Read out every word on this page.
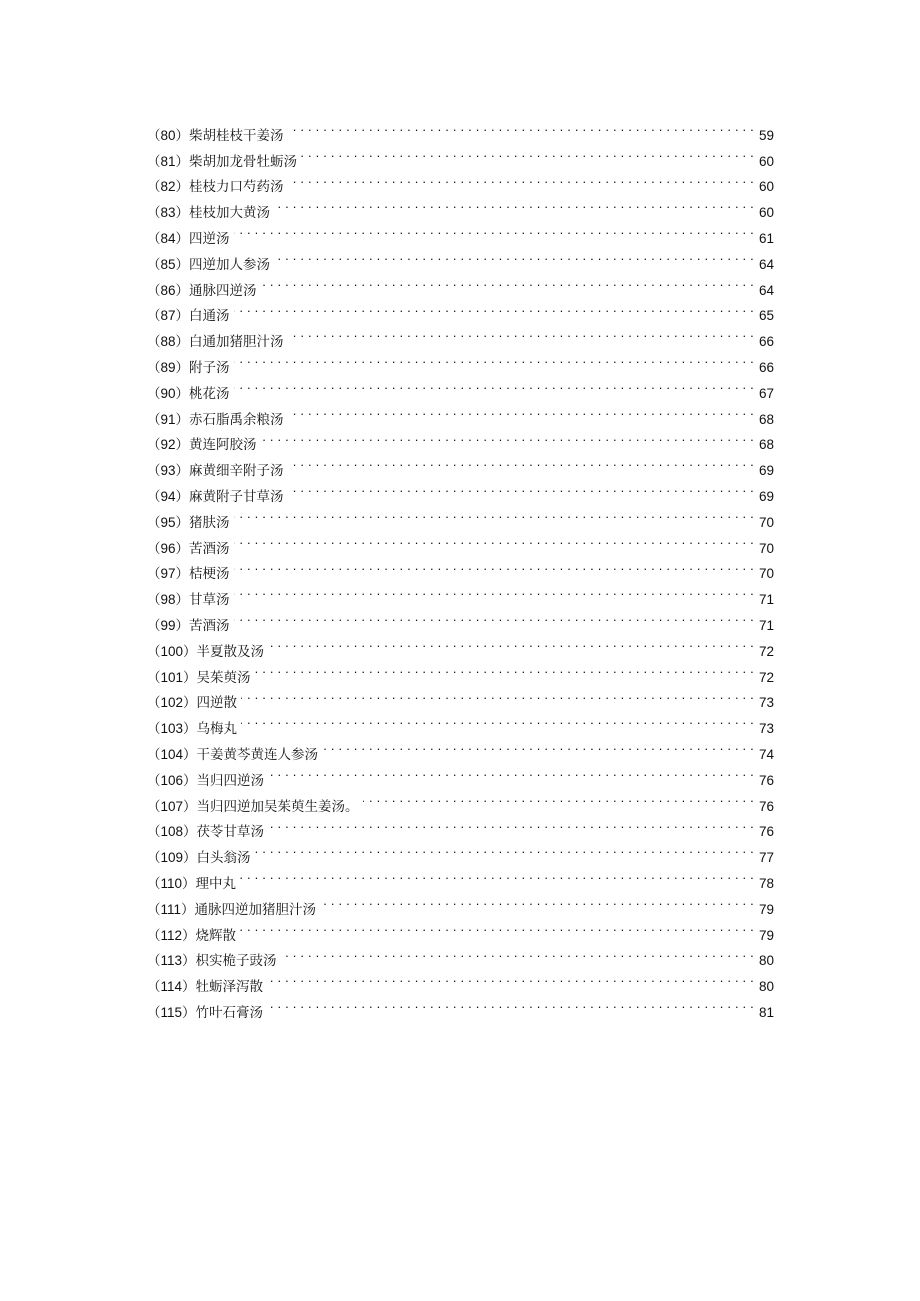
（80） 柴胡桂枝干姜汤 . . .	59
（81） 柴胡加龙骨牡蛎汤 . . .	60
（82） 桂枝力口芍药汤 . . .	60
（83） 桂枝加大黄汤 . . .	60
（84） 四逆汤 . . .	61
（85） 四逆加人参汤 . . .	64
（86） 通脉四逆汤 . . .	64
（87） 白通汤 . . .	65
（88） 白通加猪胆汁汤 . . .	66
（89） 附子汤 . . .	66
（90） 桃花汤 . . .	67
（91） 赤石脂禹余粮汤 . . .	68
（92） 黄连阿胶汤 . . .	68
（93） 麻黄细辛附子汤 . . .	69
（94） 麻黄附子甘草汤 . . .	69
（95） 猪肤汤 . . .	70
（96） 苦酒汤 . . .	70
（97） 桔梗汤 . . .	70
（98） 甘草汤 . . .	71
（99） 苦酒汤 . . .	71
（100） 半夏散及汤 . . .	72
（101） 吴茱萸汤 . . .	72
（102） 四逆散 . . .	73
（103） 乌梅丸 . . .	73
（104） 干姜黄芩黄连人参汤 . . .	74
（106） 当归四逆汤 . . .	76
（107） 当归四逆加吴茱萸生姜汤。 . . .	76
（108） 茯苓甘草汤 . . .	76
（109） 白头翁汤 . . .	77
（110） 理中丸 . . .	78
（111） 通脉四逆加猪胆汁汤 . . .	79
（112） 烧辉散 . . .	79
（113） 枳实桅子豉汤 . . .	80
（114） 牡蛎泽泻散 . . .	80
（115） 竹叶石膏汤 . . .	81
